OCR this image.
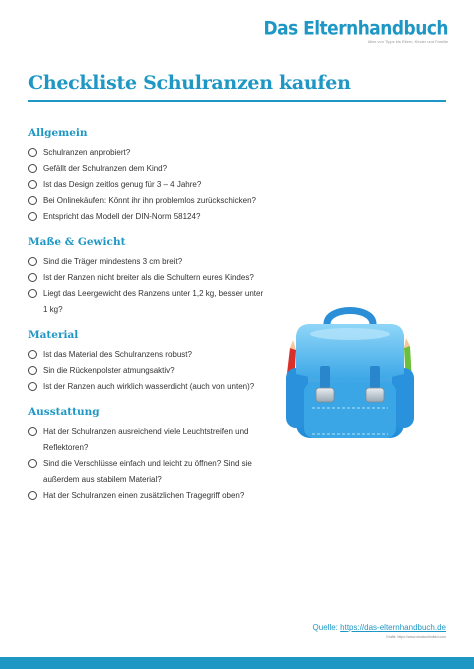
Das Elternhandbuch
Alles von Tipps bis Eltern, Kinder und Familie
Checkliste Schulranzen kaufen
Allgemein
Schulranzen anprobiert?
Gefällt der Schulranzen dem Kind?
Ist das Design zeitlos genug für 3 – 4 Jahre?
Bei Onlinekäufen: Könnt ihr ihn problemlos zurückschicken?
Entspricht das Modell der DIN-Norm 58124?
Maße & Gewicht
Sind die Träger mindestens 3 cm breit?
Ist der Ranzen nicht breiter als die Schultern eures Kindes?
Liegt das Leergewicht des Ranzens unter 1,2 kg, besser unter 1 kg?
Material
Ist das Material des Schulranzens robust?
Sin die Rückenpolster atmungsaktiv?
Ist der Ranzen auch wirklich wasserdicht (auch von unten)?
Ausstattung
Hat der Schulranzen ausreichend viele Leuchtstreifen und Reflektoren?
Sind die Verschlüsse einfach und leicht zu öffnen? Sind sie außerdem aus stabilem Material?
Hat der Schulranzen einen zusätzlichen Tragegriff oben?
Quelle: https://das-elternhandbuch.de
Grafik: https://www.stockunlimited.com
